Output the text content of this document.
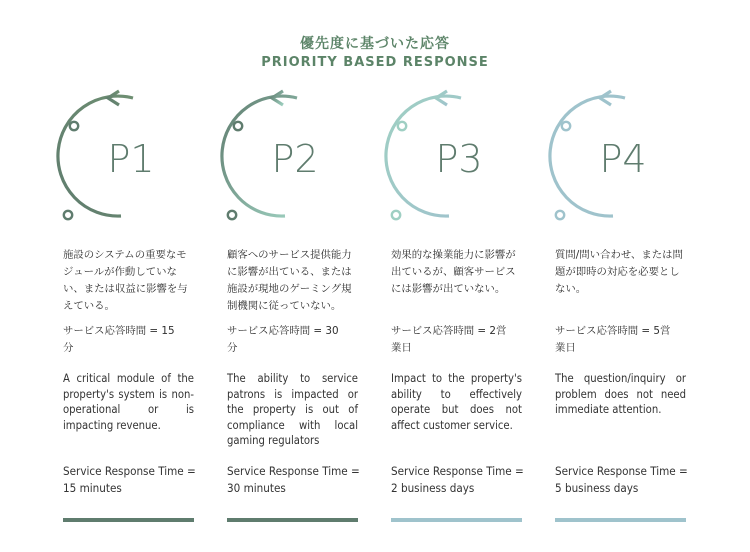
優先度に基づいた応答
PRIORITY BASED RESPONSE
P1
施設のシステムの重要なモジュールが作動していない、または収益に影響を与えている。
サービス応答時間 = 15分
A critical module of the property's system is non-operational or is impacting revenue.
Service Response Time = 15 minutes
P2
顧客へのサービス提供能力に影響が出ている、または施設が現地のゲーミング規制機関に従っていない。
サービス応答時間 = 30分
The ability to service patrons is impacted or the property is out of compliance with local gaming regulators
Service Response Time = 30 minutes
P3
効果的な操業能力に影響が出ているが、顧客サービスには影響が出ていない。
サービス応答時間 = 2営業日
Impact to the property's ability to effectively operate but does not affect customer service.
Service Response Time = 2 business days
P4
質問/問い合わせ、または問題が即時の対応を必要としない。
サービス応答時間 = 5営業日
The question/inquiry or problem does not need immediate attention.
Service Response Time = 5 business days
